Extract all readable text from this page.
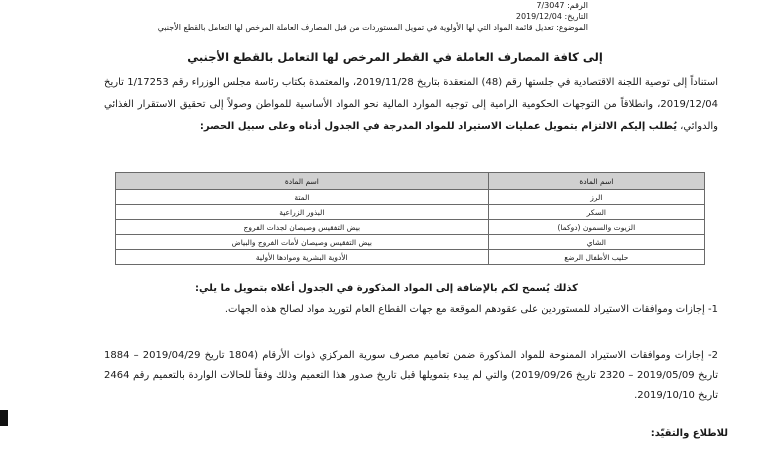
الرقم: 7/3047
التاريخ: 2019/12/04
الموضوع: تعديل قائمة المواد التي لها الأولوية في تمويل المستوردات من قبل المصارف العاملة المرخص لها التعامل بالقطع الأجنبي
إلى كافة المصارف العاملة في القطر المرخص لها التعامل بالقطع الأجنبي
استناداً إلى توصية اللجنة الاقتصادية في جلستها رقم (48) المنعقدة بتاريخ 2019/11/28، والمعتمدة بكتاب رئاسة مجلس الوزراء رقم 1/17253 تاريخ 2019/12/04، وانطلاقاً من التوجهات الحكومية الرامية إلى توجيه الموارد المالية نحو المواد الأساسية للمواطن وصولاً إلى تحقيق الاستقرار الغذائي والدوائي، يُطلب إليكم الالتزام بتمويل عمليات الاستيراد للمواد المدرجة في الجدول أدناه وعلى سبيل الحصر:
اسم المادة	اسم المادة
الرز	المتة
السكر	البذور الزراعية
الزيوت والسمون (دوكما)	بيض التفقيس وصيصان لجدات الفروج
الشاي	بيض التفقيس وصيصان لأمات الفروج والبياض
حليب الأطفال الرضع	الأدوية البشرية وموادها الأولية
كذلك يُسمح لكم بالإضافة إلى المواد المذكورة في الجدول أعلاه بتمويل ما يلي:
1- إجازات وموافقات الاستيراد للمستوردين على عقودهم الموقعة مع جهات القطاع العام لتوريد مواد لصالح هذه الجهات.
2- إجازات وموافقات الاستيراد الممنوحة للمواد المذكورة ضمن تعاميم مصرف سورية المركزي ذوات الأرقام (1804 تاريخ 2019/04/29 – 1884 تاريخ 2019/05/09 – 2320 تاريخ 2019/09/26) والتي لم يبدء بتمويلها قبل تاريخ صدور هذا التعميم وذلك وفقاً للحالات الواردة بالتعميم رقم 2464 تاريخ 2019/10/10.
للاطلاع والتقيّد:
